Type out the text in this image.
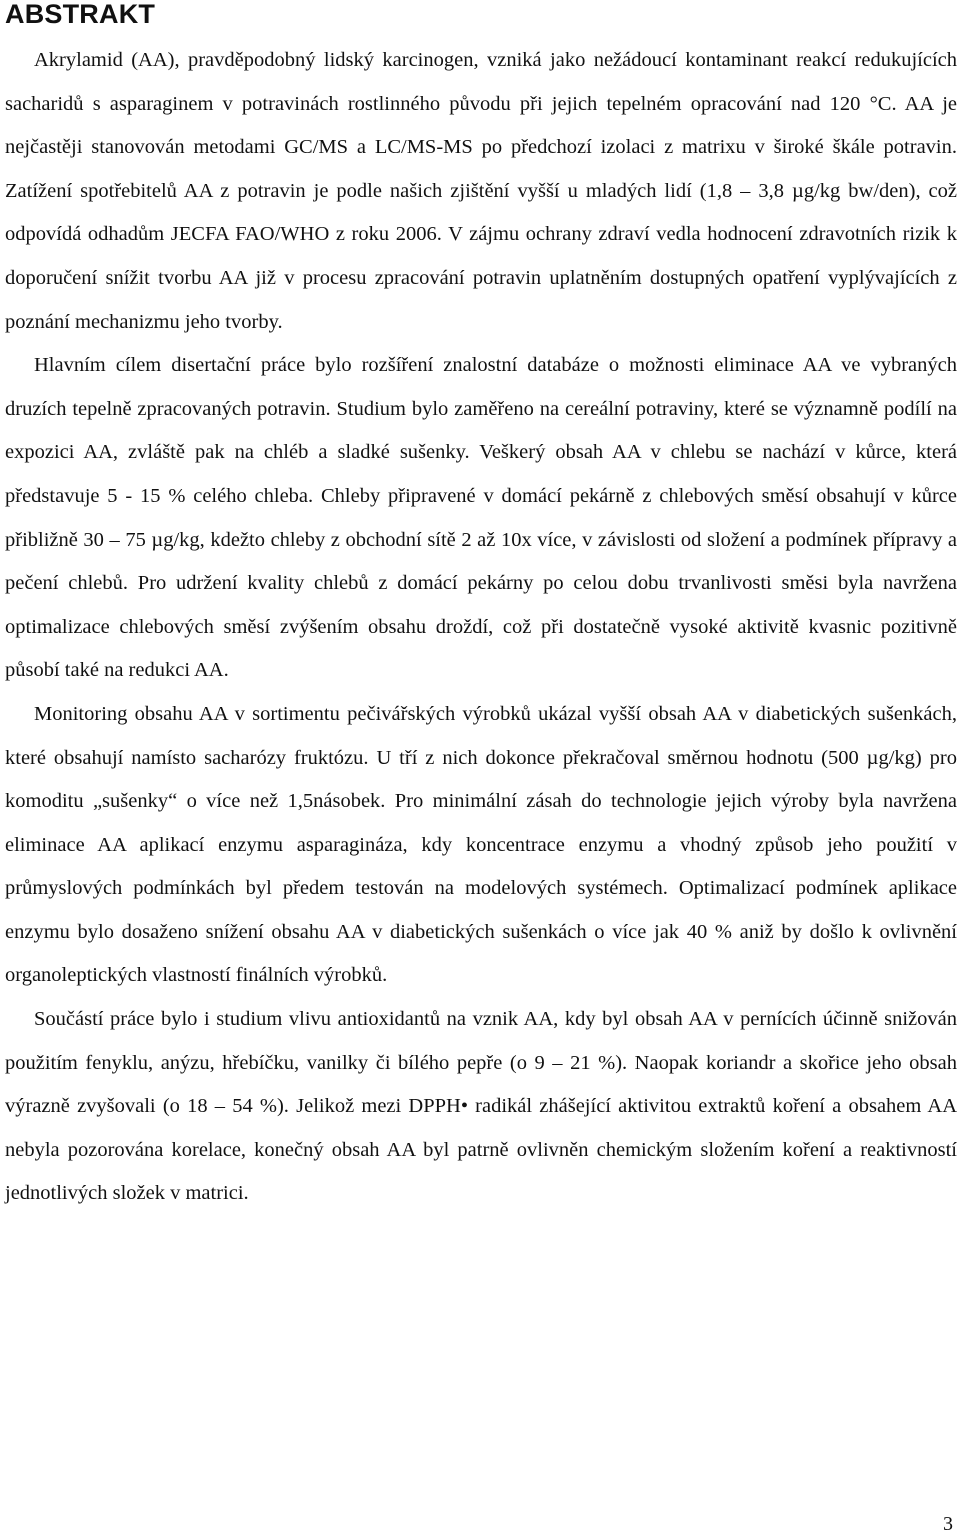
ABSTRAKT

Akrylamid (AA), pravděpodobný lidský karcinogen, vzniká jako nežádoucí kontaminant reakcí redukujících sacharidů s asparaginem v potravinách rostlinného původu při jejich tepelném opracování nad 120 °C. AA je nejčastěji stanovován metodami GC/MS a LC/MS-MS po předchozí izolaci z matrixu v široké škále potravin. Zatížení spotřebitelů AA z potravin je podle našich zjištění vyšší u mladých lidí (1,8 – 3,8 µg/kg bw/den), což odpovídá odhadům JECFA FAO/WHO z roku 2006. V zájmu ochrany zdraví vedla hodnocení zdravotních rizik k doporučení snížit tvorbu AA již v procesu zpracování potravin uplatněním dostupných opatření vyplývajících z poznání mechanizmu jeho tvorby.

Hlavním cílem disertační práce bylo rozšíření znalostní databáze o možnosti eliminace AA ve vybraných druzích tepelně zpracovaných potravin. Studium bylo zaměřeno na cereální potraviny, které se významně podílí na expozici AA, zvláště pak na chléb a sladké sušenky. Veškerý obsah AA v chlebu se nachází v kůrce, která představuje 5 - 15 % celého chleba. Chleby připravené v domácí pekárně z chlebových směsí obsahují v kůrce přibližně 30 – 75 µg/kg, kdežto chleby z obchodní sítě 2 až 10x více, v závislosti od složení a podmínek přípravy a pečení chlebů. Pro udržení kvality chlebů z domácí pekárny po celou dobu trvanlivosti směsi byla navržena optimalizace chlebových směsí zvýšením obsahu droždí, což při dostatečně vysoké aktivitě kvasnic pozitivně působí také na redukci AA.

Monitoring obsahu AA v sortimentu pečivářských výrobků ukázal vyšší obsah AA v diabetických sušenkách, které obsahují namísto sacharózy fruktózu. U tří z nich dokonce překračoval směrnou hodnotu (500 µg/kg) pro komoditu „sušenky“ o více než 1,5násobek. Pro minimální zásah do technologie jejich výroby byla navržena eliminace AA aplikací enzymu asparagináza, kdy koncentrace enzymu a vhodný způsob jeho použití v průmyslových podmínkách byl předem testován na modelových systémech. Optimalizací podmínek aplikace enzymu bylo dosaženo snížení obsahu AA v diabetických sušenkách o více jak 40 % aniž by došlo k ovlivnění organoleptických vlastností finálních výrobků.

Součástí práce bylo i studium vlivu antioxidantů na vznik AA, kdy byl obsah AA v pernících účinně snižován použitím fenyklu, anýzu, hřebíčku, vanilky či bílého pepře (o 9 – 21 %). Naopak koriandr a skořice jeho obsah výrazně zvyšovali (o 18 – 54 %). Jelikož mezi DPPH• radikál zhášející aktivitou extraktů koření a obsahem AA nebyla pozorována korelace, konečný obsah AA byl patrně ovlivněn chemickým složením koření a reaktivností jednotlivých složek v matrici.

3
